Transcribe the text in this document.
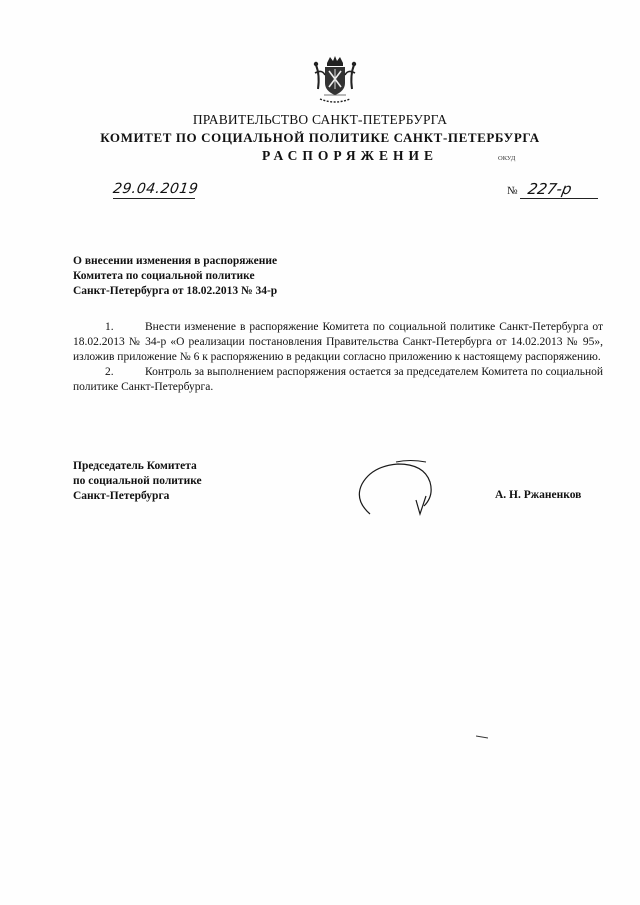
ПРАВИТЕЛЬСТВО САНКТ-ПЕТЕРБУРГА
КОМИТЕТ ПО СОЦИАЛЬНОЙ ПОЛИТИКЕ САНКТ-ПЕТЕРБУРГА
РАСПОРЯЖЕНИЕ	ОКУД
29.04.2019	№ 227-р
О внесении изменения в распоряжение
Комитета по социальной политике
Санкт-Петербурга от 18.02.2013 № 34-р

1.	Внести изменение в распоряжение Комитета по социальной политике Санкт-Петербурга от 18.02.2013 № 34-р «О реализации постановления Правительства Санкт-Петербурга от 14.02.2013 № 95», изложив приложение № 6 к распоряжению в редакции согласно приложению к настоящему распоряжению.

2.	Контроль за выполнением распоряжения остается за председателем Комитета по социальной политике Санкт-Петербурга.

Председатель Комитета
по социальной политике
Санкт-Петербурга	А. Н. Ржаненков
